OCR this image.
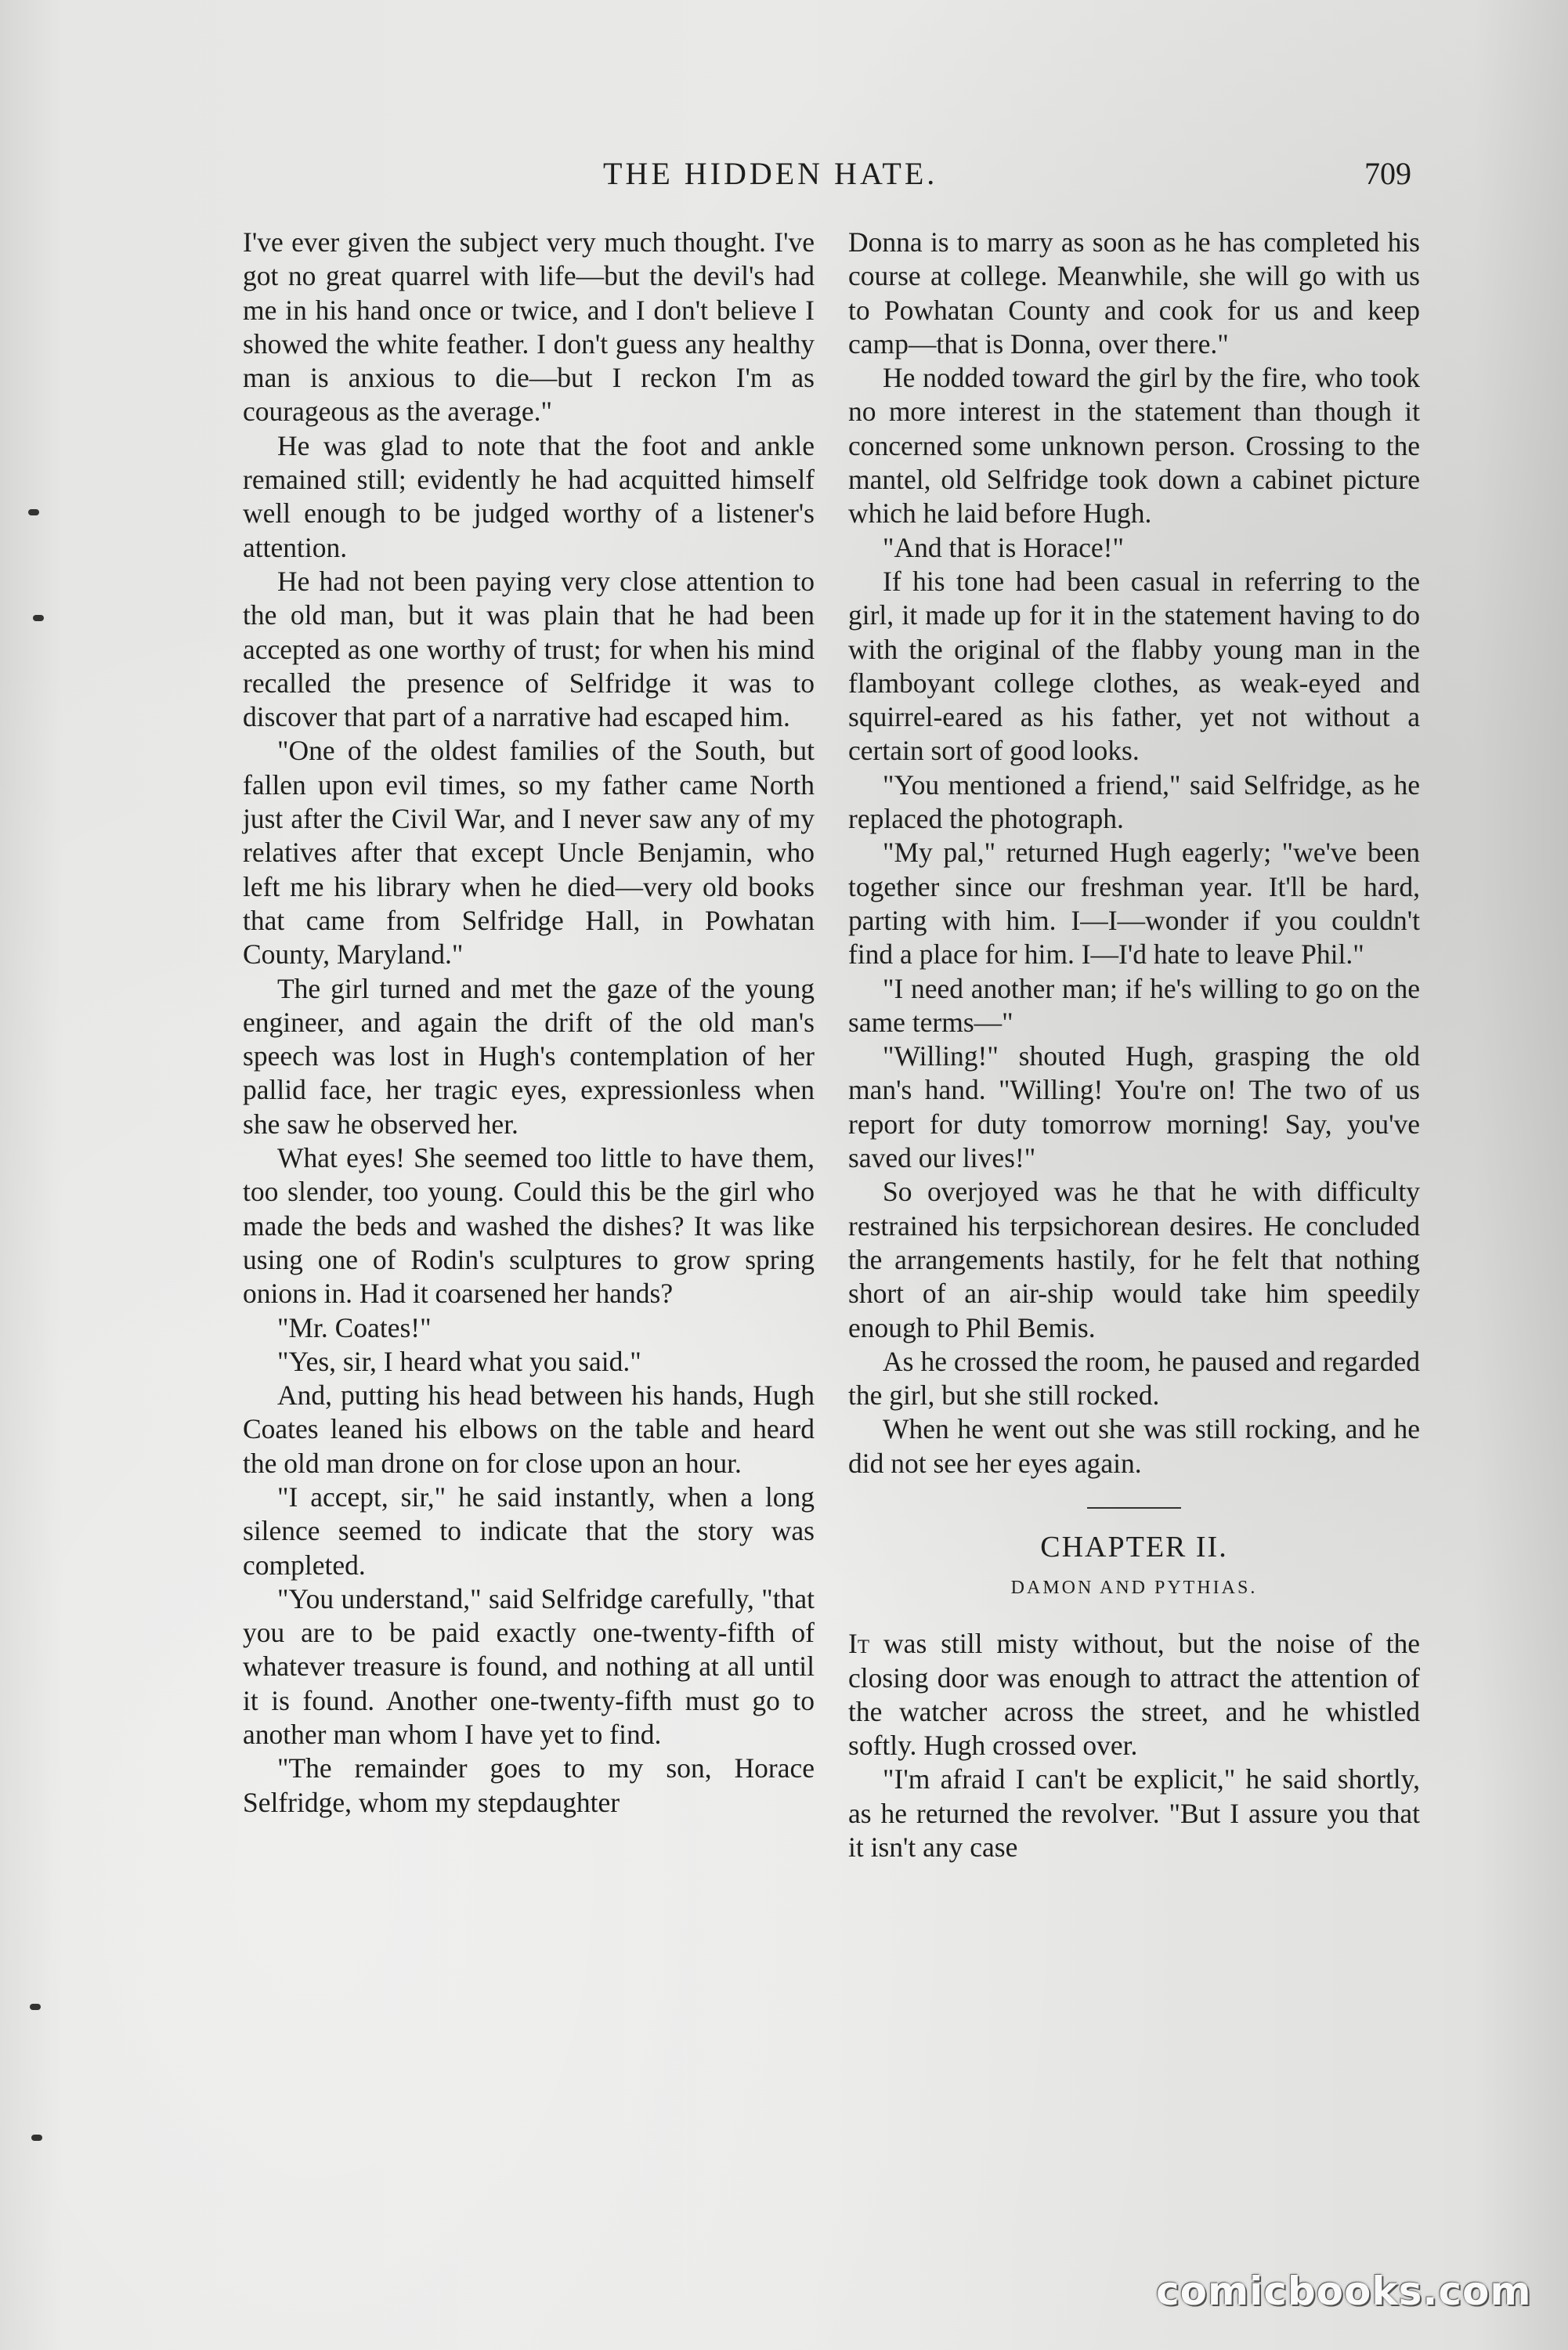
THE HIDDEN HATE.	709

I've ever given the subject very much thought. I've got no great quarrel with life—but the devil's had me in his hand once or twice, and I don't believe I showed the white feather. I don't guess any healthy man is anxious to die—but I reckon I'm as courageous as the average."

He was glad to note that the foot and ankle remained still; evidently he had acquitted himself well enough to be judged worthy of a listener's attention.

He had not been paying very close attention to the old man, but it was plain that he had been accepted as one worthy of trust; for when his mind recalled the presence of Selfridge it was to discover that part of a narrative had escaped him.

"One of the oldest families of the South, but fallen upon evil times, so my father came North just after the Civil War, and I never saw any of my relatives after that except Uncle Benjamin, who left me his library when he died—very old books that came from Selfridge Hall, in Powhatan County, Maryland."

The girl turned and met the gaze of the young engineer, and again the drift of the old man's speech was lost in Hugh's contemplation of her pallid face, her tragic eyes, expressionless when she saw he observed her.

What eyes! She seemed too little to have them, too slender, too young. Could this be the girl who made the beds and washed the dishes? It was like using one of Rodin's sculptures to grow spring onions in. Had it coarsened her hands?

"Mr. Coates!"

"Yes, sir, I heard what you said."

And, putting his head between his hands, Hugh Coates leaned his elbows on the table and heard the old man drone on for close upon an hour.

"I accept, sir," he said instantly, when a long silence seemed to indicate that the story was completed.

"You understand," said Selfridge carefully, "that you are to be paid exactly one-twenty-fifth of whatever treasure is found, and nothing at all until it is found. Another one-twenty-fifth must go to another man whom I have yet to find.

"The remainder goes to my son, Horace Selfridge, whom my stepdaughter

Donna is to marry as soon as he has completed his course at college. Meanwhile, she will go with us to Powhatan County and cook for us and keep camp—that is Donna, over there."

He nodded toward the girl by the fire, who took no more interest in the statement than though it concerned some unknown person. Crossing to the mantel, old Selfridge took down a cabinet picture which he laid before Hugh.

"And that is Horace!"

If his tone had been casual in referring to the girl, it made up for it in the statement having to do with the original of the flabby young man in the flamboyant college clothes, as weak-eyed and squirrel-eared as his father, yet not without a certain sort of good looks.

"You mentioned a friend," said Selfridge, as he replaced the photograph.

"My pal," returned Hugh eagerly; "we've been together since our freshman year. It'll be hard, parting with him. I—I—wonder if you couldn't find a place for him. I—I'd hate to leave Phil."

"I need another man; if he's willing to go on the same terms—"

"Willing!" shouted Hugh, grasping the old man's hand. "Willing! You're on! The two of us report for duty tomorrow morning! Say, you've saved our lives!"

So overjoyed was he that he with difficulty restrained his terpsichorean desires. He concluded the arrangements hastily, for he felt that nothing short of an air-ship would take him speedily enough to Phil Bemis.

As he crossed the room, he paused and regarded the girl, but she still rocked.

When he went out she was still rocking, and he did not see her eyes again.

CHAPTER II.
DAMON AND PYTHIAS.

It was still misty without, but the noise of the closing door was enough to attract the attention of the watcher across the street, and he whistled softly. Hugh crossed over.

"I'm afraid I can't be explicit," he said shortly, as he returned the revolver. "But I assure you that it isn't any case

comicbooks.com
